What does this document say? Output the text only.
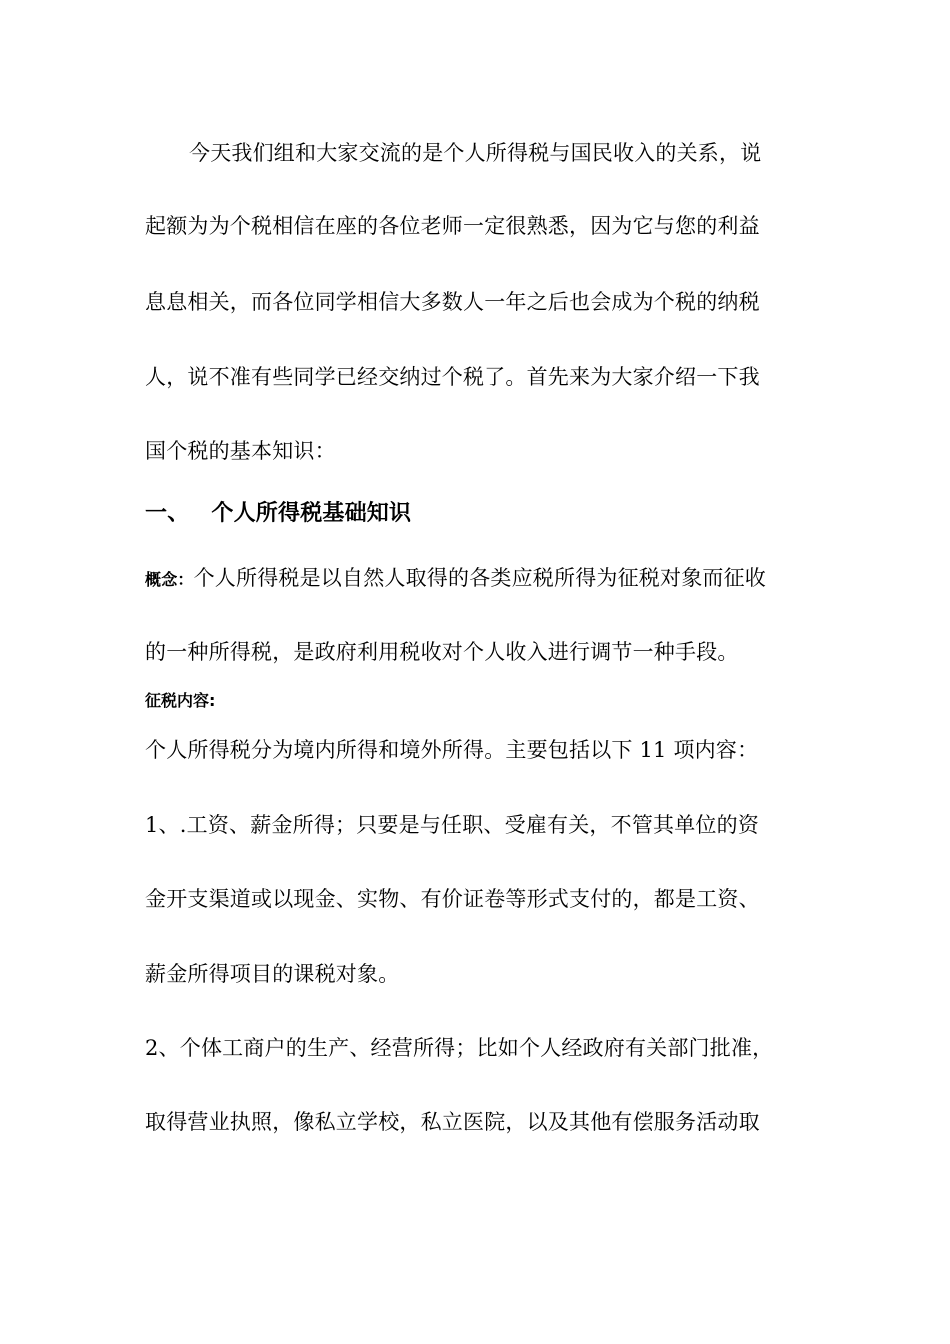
今天我们组和大家交流的是个人所得税与国民收入的关系，说
起额为为个税相信在座的各位老师一定很熟悉，因为它与您的利益
息息相关，而各位同学相信大多数人一年之后也会成为个税的纳税
人，说不准有些同学已经交纳过个税了。首先来为大家介绍一下我
国个税的基本知识：
一、 个人所得税基础知识
概念：个人所得税是以自然人取得的各类应税所得为征税对象而征收
的一种所得税，是政府利用税收对个人收入进行调节一种手段。
征税内容:
个人所得税分为境内所得和境外所得。主要包括以下 11 项内容：
1、.工资、薪金所得；只要是与任职、受雇有关，不管其单位的资
金开支渠道或以现金、实物、有价证卷等形式支付的，都是工资、
薪金所得项目的课税对象。
2、个体工商户的生产、经营所得；比如个人经政府有关部门批准，
取得营业执照，像私立学校，私立医院，以及其他有偿服务活动取
